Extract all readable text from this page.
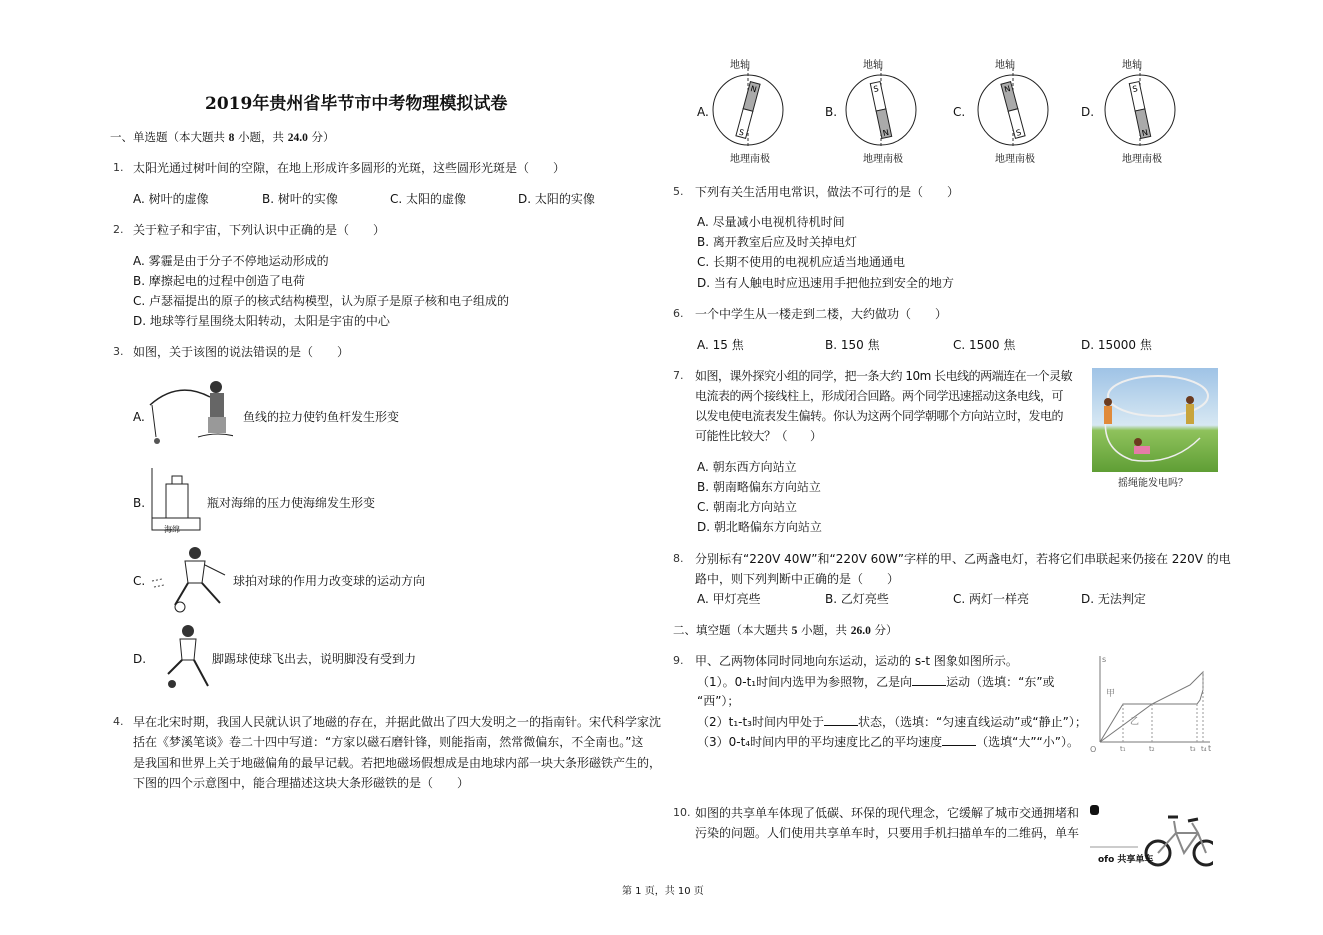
2019年贵州省毕节市中考物理模拟试卷
一、单选题（本大题共 8 小题，共 24.0 分）
1. 太阳光通过树叶间的空隙，在地上形成许多圆形的光斑，这些圆形光斑是（　　）
A. 树叶的虚像	B. 树叶的实像	C. 太阳的虚像	D. 太阳的实像
2. 关于粒子和宇宙，下列认识中正确的是（　　）
A. 雾霾是由于分子不停地运动形成的
B. 摩擦起电的过程中创造了电荷
C. 卢瑟福提出的原子的核式结构模型，认为原子是原子核和电子组成的
D. 地球等行星围绕太阳转动，太阳是宇宙的中心
3. 如图，关于该图的说法错误的是（　　）
A.	鱼线的拉力使钓鱼杆发生形变
B.
海绵
瓶对海绵的压力使海绵发生形变
C.	球拍对球的作用力改变球的运动方向
D.	脚踢球使球飞出去，说明脚没有受到力
4. 早在北宋时期，我国人民就认识了地磁的存在，并据此做出了四大发明之一的指南针。宋代科学家沈
括在《梦溪笔谈》卷二十四中写道：“方家以磁石磨针锋，则能指南，然常微偏东，不全南也。”这
是我国和世界上关于地磁偏角的最早记载。若把地磁场假想成是由地球内部一块大条形磁铁产生的，
下图的四个示意图中，能合理描述这块大条形磁铁的是（　　）
A.
地轴
地理南极
N
S
B.
地轴
地理南极
S
N
C.
地轴
地理南极
N
S
D.
地轴
地理南极
S
N
5. 下列有关生活用电常识，做法不可行的是（　　）
A. 尽量减小电视机待机时间
B. 离开教室后应及时关掉电灯
C. 长期不使用的电视机应适当地通通电
D. 当有人触电时应迅速用手把他拉到安全的地方
6. 一个中学生从一楼走到二楼，大约做功（　　）
A. 15 焦	B. 150 焦	C. 1500 焦	D. 15000 焦
7. 如图，课外探究小组的同学，把一条大约 10m 长电线的两端连在一个灵敏
电流表的两个接线柱上，形成闭合回路。两个同学迅速摇动这条电线，可
以发电使电流表发生偏转。你认为这两个同学朝哪个方向站立时，发电的
可能性比较大？（　　）
摇绳能发电吗？
A. 朝东西方向站立
B. 朝南略偏东方向站立
C. 朝南北方向站立
D. 朝北略偏东方向站立
8. 分别标有“220V 40W”和“220V 60W”字样的甲、乙两盏电灯，若将它们串联起来仍接在 220V 的电
路中，则下列判断中正确的是（　　）
A. 甲灯亮些	B. 乙灯亮些	C. 两灯一样亮	D. 无法判定
二、填空题（本大题共 5 小题，共 26.0 分）
9. 甲、乙两物体同时同地向东运动，运动的 s-t 图象如图所示。
（1）。0-t₁时间内选甲为参照物，乙是向	运动（选填：“东”或
“西”）；
（2）t₁-t₃时间内甲处于	状态，（选填：“匀速直线运动”或“静止”）；
（3）0-t₄时间内甲的平均速度比乙的平均速度	（选填“大”“小”）。
O
s
t
甲
乙
t₁	t₂	t₃ t₄
10. 如图的共享单车体现了低碳、环保的现代理念，它缓解了城市交通拥堵和
污染的问题。人们使用共享单车时，只要用手机扫描单车的二维码，单车
ofo 共享单车
第 1 页，共 10 页
